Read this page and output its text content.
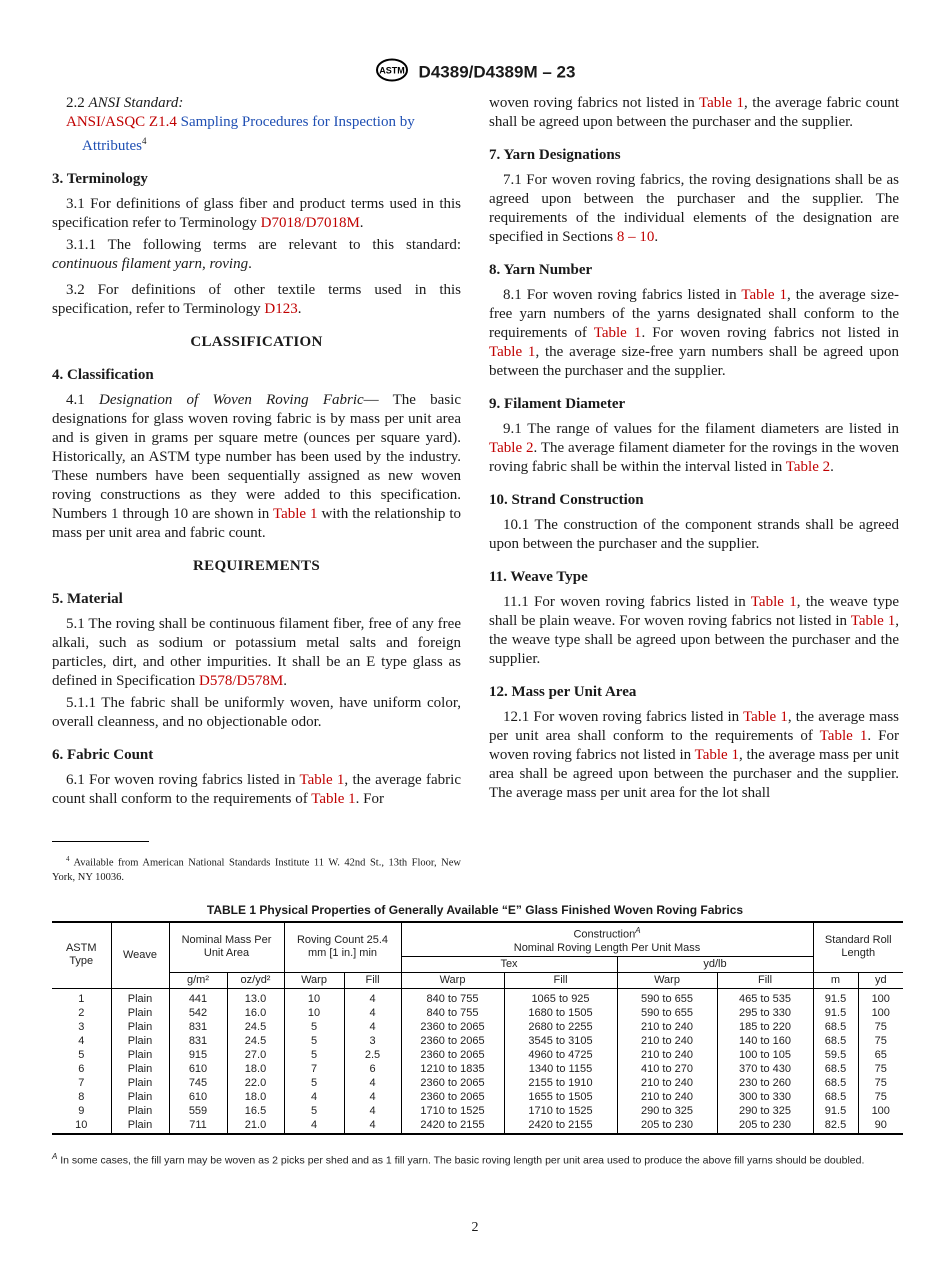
ASTM D4389/D4389M – 23

2.2 ANSI Standard:

ANSI/ASQC Z1.4 Sampling Procedures for Inspection by Attributes$^4$

3. Terminology

3.1 For definitions of glass fiber and product terms used in this specification refer to Terminology D7018/D7018M.

3.1.1 The following terms are relevant to this standard: continuous filament yarn, roving.

3.2 For definitions of other textile terms used in this specification, refer to Terminology D123.

CLASSIFICATION
4. Classification

4.1 Designation of Woven Roving Fabric— The basic designations for glass woven roving fabric is by mass per unit area and is given in grams per square metre (ounces per square yard). Historically, an ASTM type number has been used by the industry. These numbers have been sequentially assigned as new woven roving constructions as they were added to this specification. Numbers 1 through 10 are shown in Table 1 with the relationship to mass per unit area and fabric count.

REQUIREMENTS
5. Material

5.1 The roving shall be continuous filament fiber, free of any free alkali, such as sodium or potassium metal salts and foreign particles, dirt, and other impurities. It shall be an E type glass as defined in Specification D578/D578M.

5.1.1 The fabric shall be uniformly woven, have uniform color, overall cleanness, and no objectionable odor.

6. Fabric Count

6.1 For woven roving fabrics listed in Table 1, the average fabric count shall conform to the requirements of Table 1. For

woven roving fabrics not listed in Table 1, the average fabric count shall be agreed upon between the purchaser and the supplier.

7. Yarn Designations

7.1 For woven roving fabrics, the roving designations shall be as agreed upon between the purchaser and the supplier. The requirements of the individual elements of the designation are specified in Sections 8 – 10.

8. Yarn Number

8.1 For woven roving fabrics listed in Table 1, the average size-free yarn numbers of the yarns designated shall conform to the requirements of Table 1. For woven roving fabrics not listed in Table 1, the average size-free yarn numbers shall be agreed upon between the purchaser and the supplier.

9. Filament Diameter

9.1 The range of values for the filament diameters are listed in Table 2. The average filament diameter for the rovings in the woven roving fabric shall be within the interval listed in Table 2.

10. Strand Construction

10.1 The construction of the component strands shall be agreed upon between the purchaser and the supplier.

11. Weave Type

11.1 For woven roving fabrics listed in Table 1, the weave type shall be plain weave. For woven roving fabrics not listed in Table 1, the weave type shall be agreed upon between the purchaser and the supplier.

12. Mass per Unit Area

12.1 For woven roving fabrics listed in Table 1, the average mass per unit area shall conform to the requirements of Table 1. For woven roving fabrics not listed in Table 1, the average mass per unit area shall be agreed upon between the purchaser and the supplier. The average mass per unit area for the lot shall

$^4$ Available from American National Standards Institute 11 W. 42nd St., 13th Floor, New York, NY 10036.
TABLE 1 Physical Properties of Generally Available “E” Glass Finished Woven Roving Fabrics
ASTM Type	Weave	Nominal Mass Per Unit Area		Roving Count 25.4 mm [1 in.] min		Construction$^A$
Nominal Roving Length Per Unit Mass				Standard Roll Length	
						Tex		yd/lb			
		g/m²	oz/yd²	Warp	Fill	Warp	Fill	Warp	Fill	m	yd
1	Plain	441	13.0	10	4	840 to 755	1065 to 925	590 to 655	465 to 535	91.5	100
2	Plain	542	16.0	10	4	840 to 755	1680 to 1505	590 to 655	295 to 330	91.5	100
3	Plain	831	24.5	5	4	2360 to 2065	2680 to 2255	210 to 240	185 to 220	68.5	75
4	Plain	831	24.5	5	3	2360 to 2065	3545 to 3105	210 to 240	140 to 160	68.5	75
5	Plain	915	27.0	5	2.5	2360 to 2065	4960 to 4725	210 to 240	100 to 105	59.5	65
6	Plain	610	18.0	7	6	1210 to 1835	1340 to 1155	410 to 270	370 to 430	68.5	75
7	Plain	745	22.0	5	4	2360 to 2065	2155 to 1910	210 to 240	230 to 260	68.5	75
8	Plain	610	18.0	4	4	2360 to 2065	1655 to 1505	210 to 240	300 to 330	68.5	75
9	Plain	559	16.5	5	4	1710 to 1525	1710 to 1525	290 to 325	290 to 325	91.5	100
10	Plain	711	21.0	4	4	2420 to 2155	2420 to 2155	205 to 230	205 to 230	82.5	90
$^A$ In some cases, the fill yarn may be woven as 2 picks per shed and as 1 fill yarn. The basic roving length per unit area used to produce the above fill yarns should be doubled.
2
